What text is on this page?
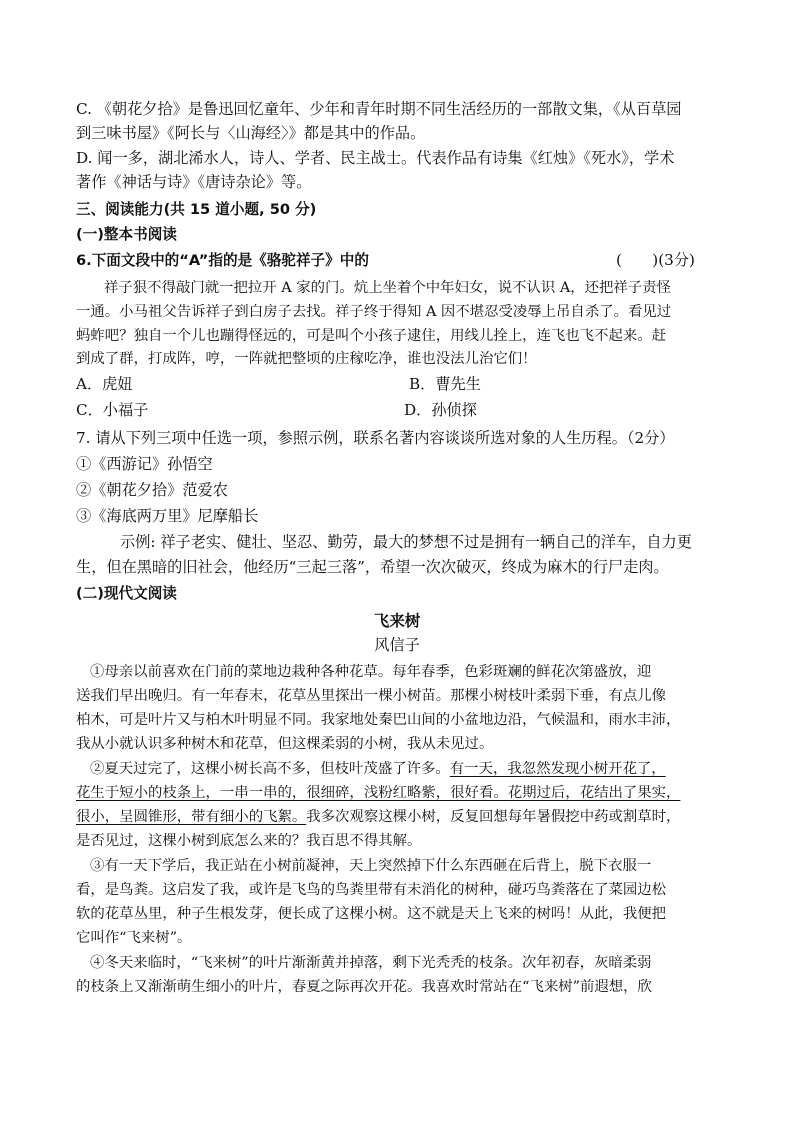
C. 《朝花夕拾》是鲁迅回忆童年、少年和青年时期不同生活经历的一部散文集，《从百草园
到三味书屋》《阿长与〈山海经〉》都是其中的作品。
D. 闻一多，湖北浠水人，诗人、学者、民主战士。代表作品有诗集《红烛》《死水》，学术
著作《神话与诗》《唐诗杂论》等。
三、阅读能力(共 15 道小题, 50 分)
(一)整本书阅读
6.下面文段中的“A”指的是《骆驼祥子》中的	(　　)(3分)
祥子狠不得敲门就一把拉开 A 家的门。炕上坐着个中年妇女，说不认识 A，还把祥子责怪
一通。小马祖父告诉祥子到白房子去找。祥子终于得知 A 因不堪忍受凌辱上吊自杀了。看见过
蚂蚱吧？独自一个儿也蹦得怪远的，可是叫个小孩子逮住，用线儿拴上，连飞也飞不起来。赶
到成了群，打成阵，哼，一阵就把整顷的庄稼吃净，谁也没法儿治它们！
A．虎妞	B．曹先生
C．小福子	D．孙侦探
7. 请从下列三项中任选一项，参照示例，联系名著内容谈谈所选对象的人生历程。（2分）
①《西游记》孙悟空
②《朝花夕拾》范爱农
③《海底两万里》尼摩船长
示例: 祥子老实、健壮、坚忍、勤劳，最大的梦想不过是拥有一辆自己的洋车，自力更
生，但在黑暗的旧社会，他经历“三起三落”，希望一次次破灭，终成为麻木的行尸走肉。
(二)现代文阅读
飞来树
风信子
①母亲以前喜欢在门前的菜地边栽种各种花草。每年春季，色彩斑斓的鲜花次第盛放，迎
送我们早出晚归。有一年春末，花草丛里探出一棵小树苗。那棵小树枝叶柔弱下垂，有点儿像
柏木，可是叶片又与柏木叶明显不同。我家地处秦巴山间的小盆地边沿，气候温和，雨水丰沛，
我从小就认识多种树木和花草，但这棵柔弱的小树，我从未见过。
②夏天过完了，这棵小树长高不多，但枝叶茂盛了许多。有一天，我忽然发现小树开花了，
花生于短小的枝条上，一串一串的，很细碎，浅粉红略紫，很好看。花期过后，花结出了果实，
很小，呈圆锥形，带有细小的飞絮。我多次观察这棵小树，反复回想每年暑假挖中药或割草时，
是否见过，这棵小树到底怎么来的？我百思不得其解。
③有一天下学后，我正站在小树前凝神，天上突然掉下什么东西砸在后背上，脱下衣服一
看，是鸟粪。这启发了我，或许是飞鸟的鸟粪里带有未消化的树种，碰巧鸟粪落在了菜园边松
软的花草丛里，种子生根发芽，便长成了这棵小树。这不就是天上飞来的树吗！从此，我便把
它叫作“飞来树”。
④冬天来临时，“飞来树”的叶片渐渐黄并掉落，剩下光秃秃的枝条。次年初春，灰暗柔弱
的枝条上又渐渐萌生细小的叶片，春夏之际再次开花。我喜欢时常站在“飞来树”前遐想，欣
